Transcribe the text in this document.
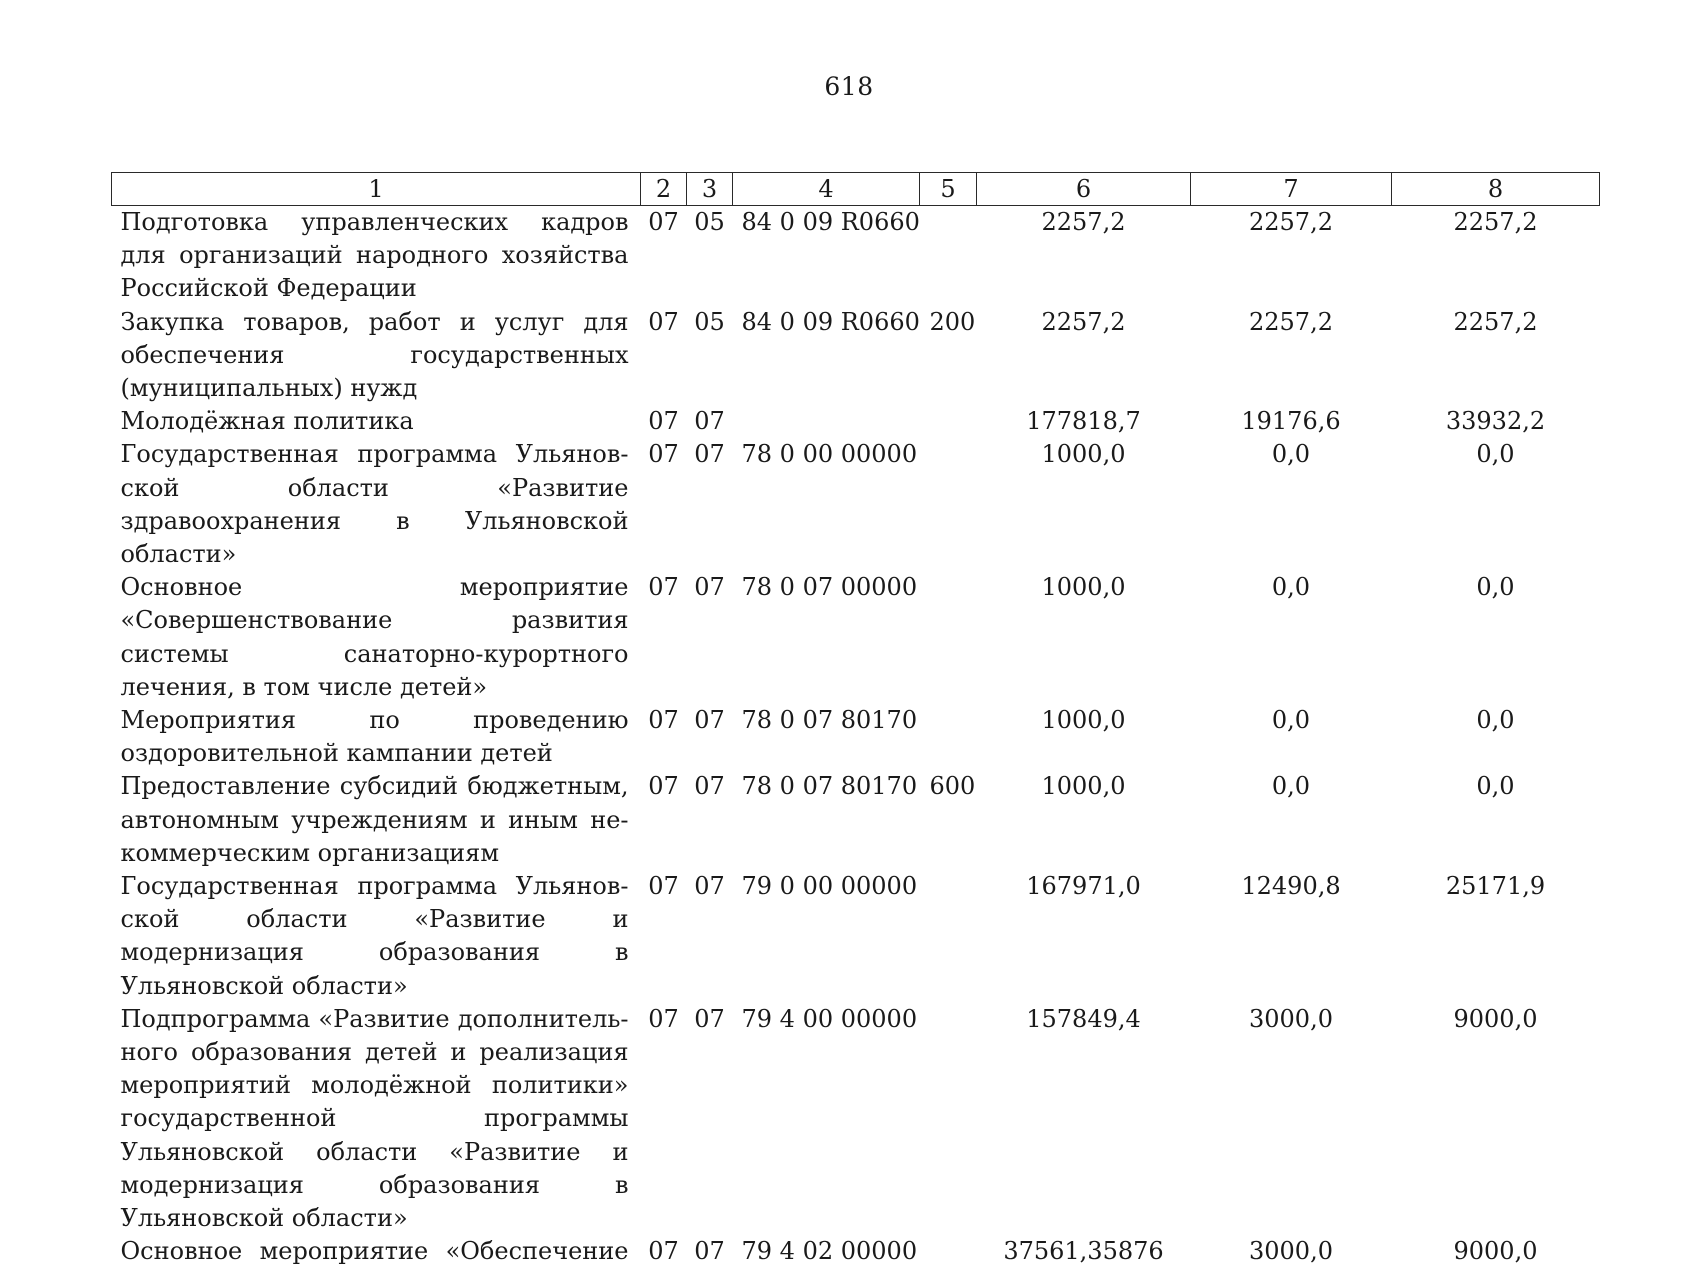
618
1	2	3	4	5	6	7	8
Подготовка управленческих кадров для организаций народного хозяйства Российской Федерации	07	05	84 0 09 R0660		2257,2	2257,2	2257,2
Закупка товаров, работ и услуг для обеспечения государственных (муниципальных) нужд	07	05	84 0 09 R0660	200	2257,2	2257,2	2257,2
Молодёжная политика	07	07			177818,7	19176,6	33932,2
Государственная программа Ульяновской области «Развитие здравоохранения в Ульяновской области»	07	07	78 0 00 00000		1000,0	0,0	0,0
Основное мероприятие «Совершенствование развития системы санаторно-курортного лечения, в том числе детей»	07	07	78 0 07 00000		1000,0	0,0	0,0
Мероприятия по проведению оздоровительной кампании детей	07	07	78 0 07 80170		1000,0	0,0	0,0
Предоставление субсидий бюджетным, автономным учреждениям и иным некоммерческим организациям	07	07	78 0 07 80170	600	1000,0	0,0	0,0
Государственная программа Ульяновской области «Развитие и модернизация образования в Ульяновской области»	07	07	79 0 00 00000		167971,0	12490,8	25171,9
Подпрограмма «Развитие дополнительного образования детей и реализация мероприятий молодёжной политики» государственной программы Ульяновской области «Развитие и модернизация образования в Ульяновской области»	07	07	79 4 00 00000		157849,4	3000,0	9000,0
Основное мероприятие «Обеспечение	07	07	79 4 02 00000		37561,35876	3000,0	9000,0
